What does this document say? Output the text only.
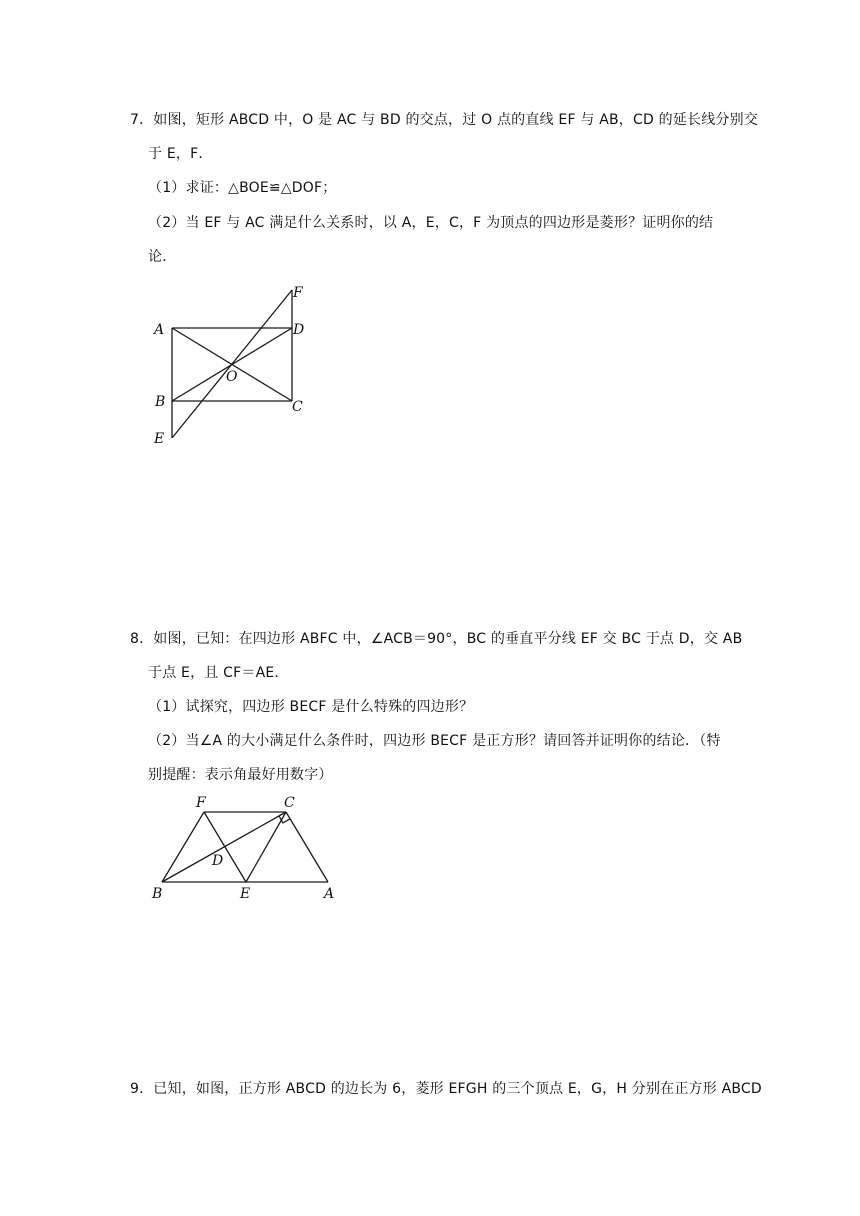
7．如图，矩形 ABCD 中，O 是 AC 与 BD 的交点，过 O 点的直线 EF 与 AB，CD 的延长线分别交
于 E，F．
（1）求证：△BOE≌△DOF；
（2）当 EF 与 AC 满足什么关系时，以 A，E，C，F 为顶点的四边形是菱形？证明你的结
论．
A
B	C
D
E
F
O
8．如图，已知：在四边形 ABFC 中，∠ACB＝90°，BC 的垂直平分线 EF 交 BC 于点 D，交 AB
于点 E，且 CF＝AE．
（1）试探究，四边形 BECF 是什么特殊的四边形？
（2）当∠A 的大小满足什么条件时，四边形 BECF 是正方形？请回答并证明你的结论．（特
别提醒：表示角最好用数字）
F	C
D
B	E	A
9．已知，如图，正方形 ABCD 的边长为 6，菱形 EFGH 的三个顶点 E，G，H 分别在正方形 ABCD
